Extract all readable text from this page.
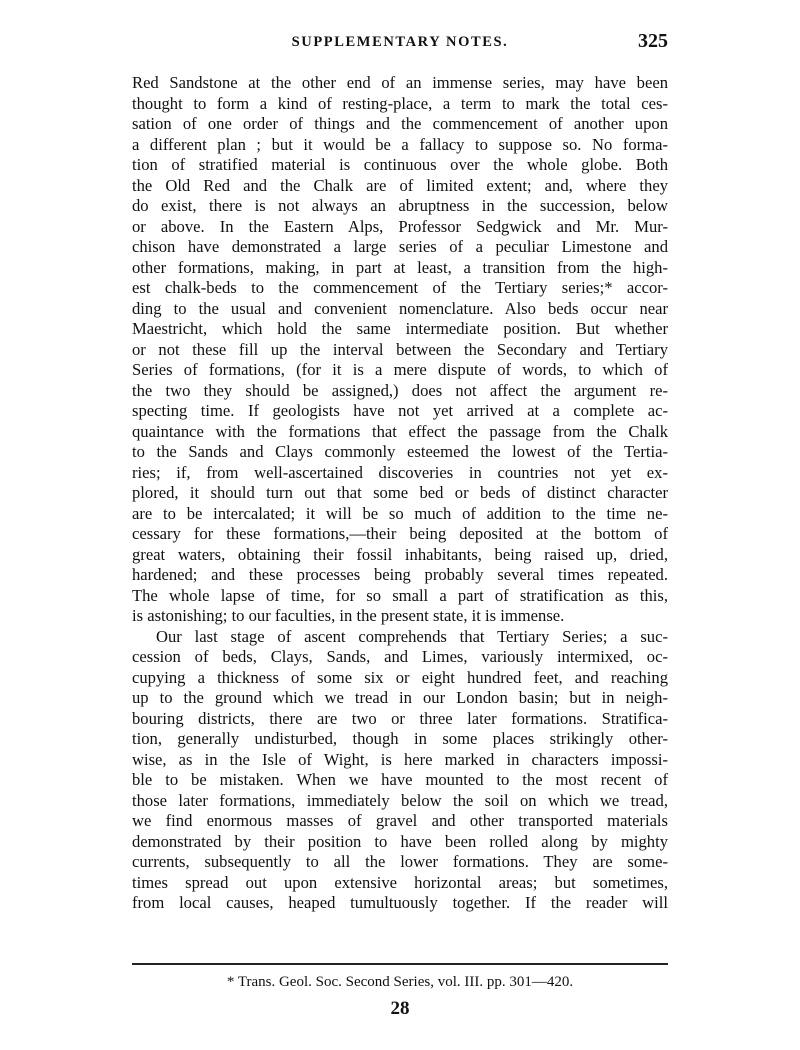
SUPPLEMENTARY NOTES.	325
Red Sandstone at the other end of an immense series, may have been
thought to form a kind of resting-place, a term to mark the total ces-
sation of one order of things and the commencement of another upon
a different plan ; but it would be a fallacy to suppose so. No forma-
tion of stratified material is continuous over the whole globe. Both
the Old Red and the Chalk are of limited extent; and, where they
do exist, there is not always an abruptness in the succession, below
or above. In the Eastern Alps, Professor Sedgwick and Mr. Mur-
chison have demonstrated a large series of a peculiar Limestone and
other formations, making, in part at least, a transition from the high-
est chalk-beds to the commencement of the Tertiary series;* accor-
ding to the usual and convenient nomenclature. Also beds occur near
Maestricht, which hold the same intermediate position. But whether
or not these fill up the interval between the Secondary and Tertiary
Series of formations, (for it is a mere dispute of words, to which of
the two they should be assigned,) does not affect the argument re-
specting time. If geologists have not yet arrived at a complete ac-
quaintance with the formations that effect the passage from the Chalk
to the Sands and Clays commonly esteemed the lowest of the Tertia-
ries; if, from well-ascertained discoveries in countries not yet ex-
plored, it should turn out that some bed or beds of distinct character
are to be intercalated; it will be so much of addition to the time ne-
cessary for these formations,—their being deposited at the bottom of
great waters, obtaining their fossil inhabitants, being raised up, dried,
hardened; and these processes being probably several times repeated.
The whole lapse of time, for so small a part of stratification as this,
is astonishing; to our faculties, in the present state, it is immense.
Our last stage of ascent comprehends that Tertiary Series; a suc-
cession of beds, Clays, Sands, and Limes, variously intermixed, oc-
cupying a thickness of some six or eight hundred feet, and reaching
up to the ground which we tread in our London basin; but in neigh-
bouring districts, there are two or three later formations. Stratifica-
tion, generally undisturbed, though in some places strikingly other-
wise, as in the Isle of Wight, is here marked in characters impossi-
ble to be mistaken. When we have mounted to the most recent of
those later formations, immediately below the soil on which we tread,
we find enormous masses of gravel and other transported materials
demonstrated by their position to have been rolled along by mighty
currents, subsequently to all the lower formations. They are some-
times spread out upon extensive horizontal areas; but sometimes,
from local causes, heaped tumultuously together. If the reader will
* Trans. Geol. Soc. Second Series, vol. III. pp. 301—420.
28
